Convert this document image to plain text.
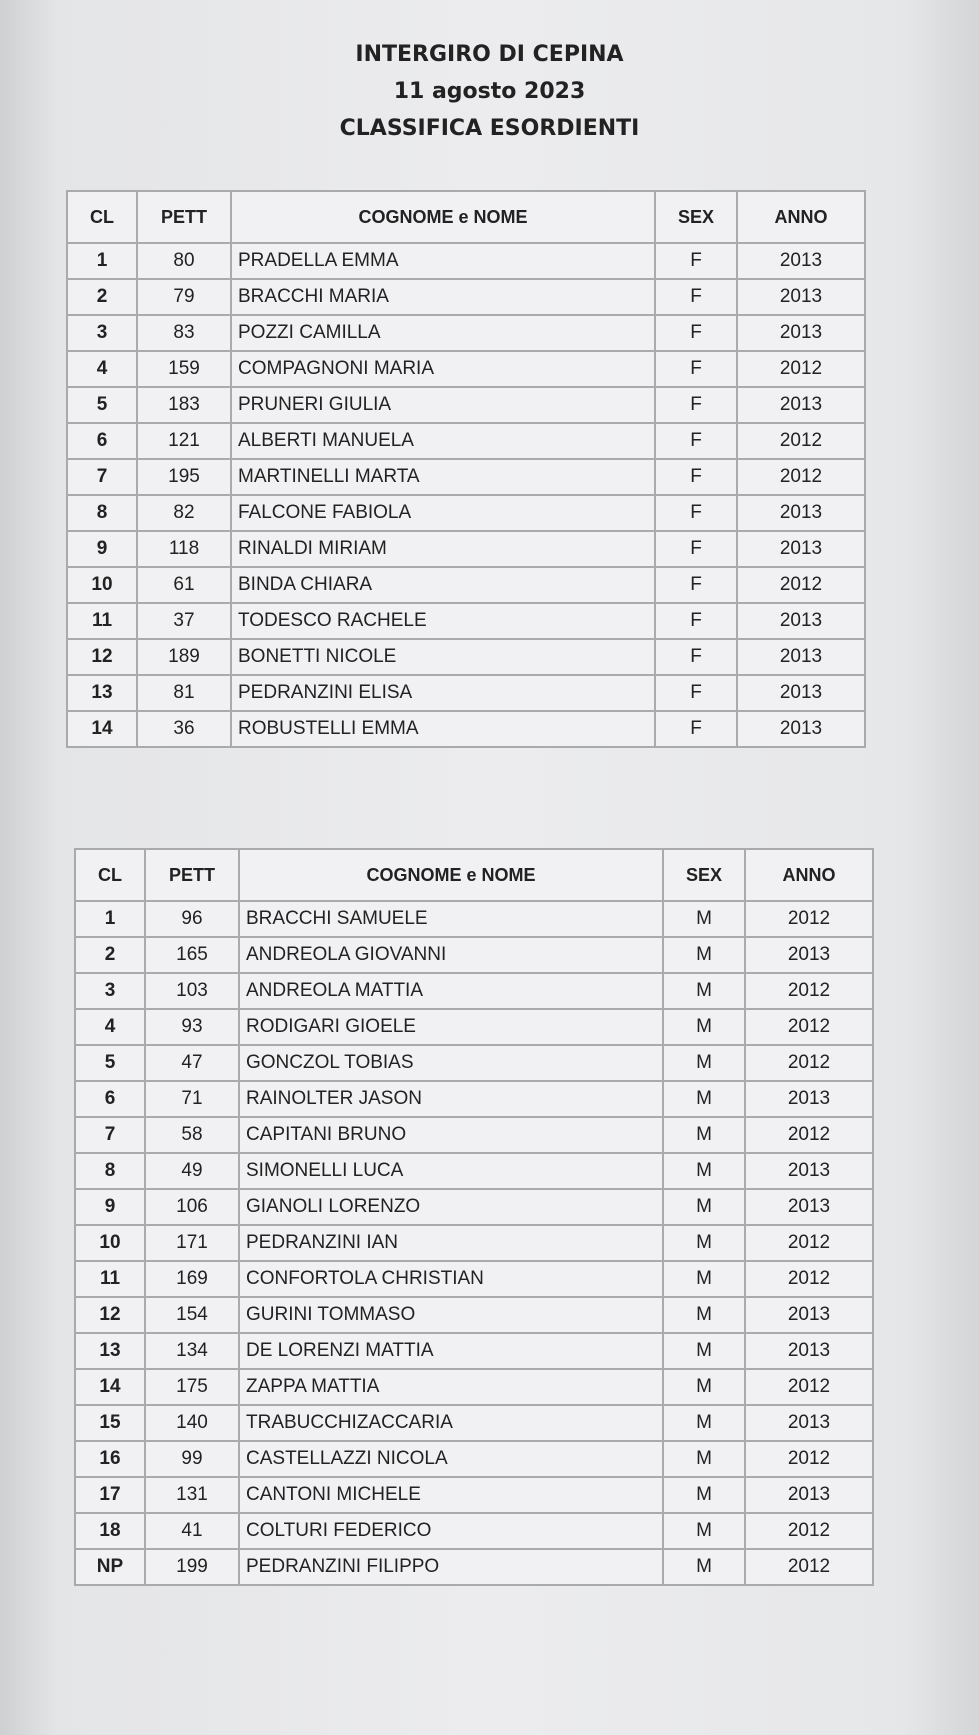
INTERGIRO DI CEPINA
11 agosto 2023
CLASSIFICA ESORDIENTI
CL	PETT	COGNOME e NOME	SEX	ANNO
1	80	PRADELLA EMMA	F	2013
2	79	BRACCHI MARIA	F	2013
3	83	POZZI CAMILLA	F	2013
4	159	COMPAGNONI MARIA	F	2012
5	183	PRUNERI GIULIA	F	2013
6	121	ALBERTI MANUELA	F	2012
7	195	MARTINELLI MARTA	F	2012
8	82	FALCONE FABIOLA	F	2013
9	118	RINALDI MIRIAM	F	2013
10	61	BINDA CHIARA	F	2012
11	37	TODESCO RACHELE	F	2013
12	189	BONETTI NICOLE	F	2013
13	81	PEDRANZINI ELISA	F	2013
14	36	ROBUSTELLI EMMA	F	2013
CL	PETT	COGNOME e NOME	SEX	ANNO
1	96	BRACCHI SAMUELE	M	2012
2	165	ANDREOLA GIOVANNI	M	2013
3	103	ANDREOLA MATTIA	M	2012
4	93	RODIGARI GIOELE	M	2012
5	47	GONCZOL TOBIAS	M	2012
6	71	RAINOLTER JASON	M	2013
7	58	CAPITANI BRUNO	M	2012
8	49	SIMONELLI LUCA	M	2013
9	106	GIANOLI LORENZO	M	2013
10	171	PEDRANZINI IAN	M	2012
11	169	CONFORTOLA CHRISTIAN	M	2012
12	154	GURINI TOMMASO	M	2013
13	134	DE LORENZI MATTIA	M	2013
14	175	ZAPPA MATTIA	M	2012
15	140	TRABUCCHIZACCARIA	M	2013
16	99	CASTELLAZZI NICOLA	M	2012
17	131	CANTONI MICHELE	M	2013
18	41	COLTURI FEDERICO	M	2012
NP	199	PEDRANZINI FILIPPO	M	2012
